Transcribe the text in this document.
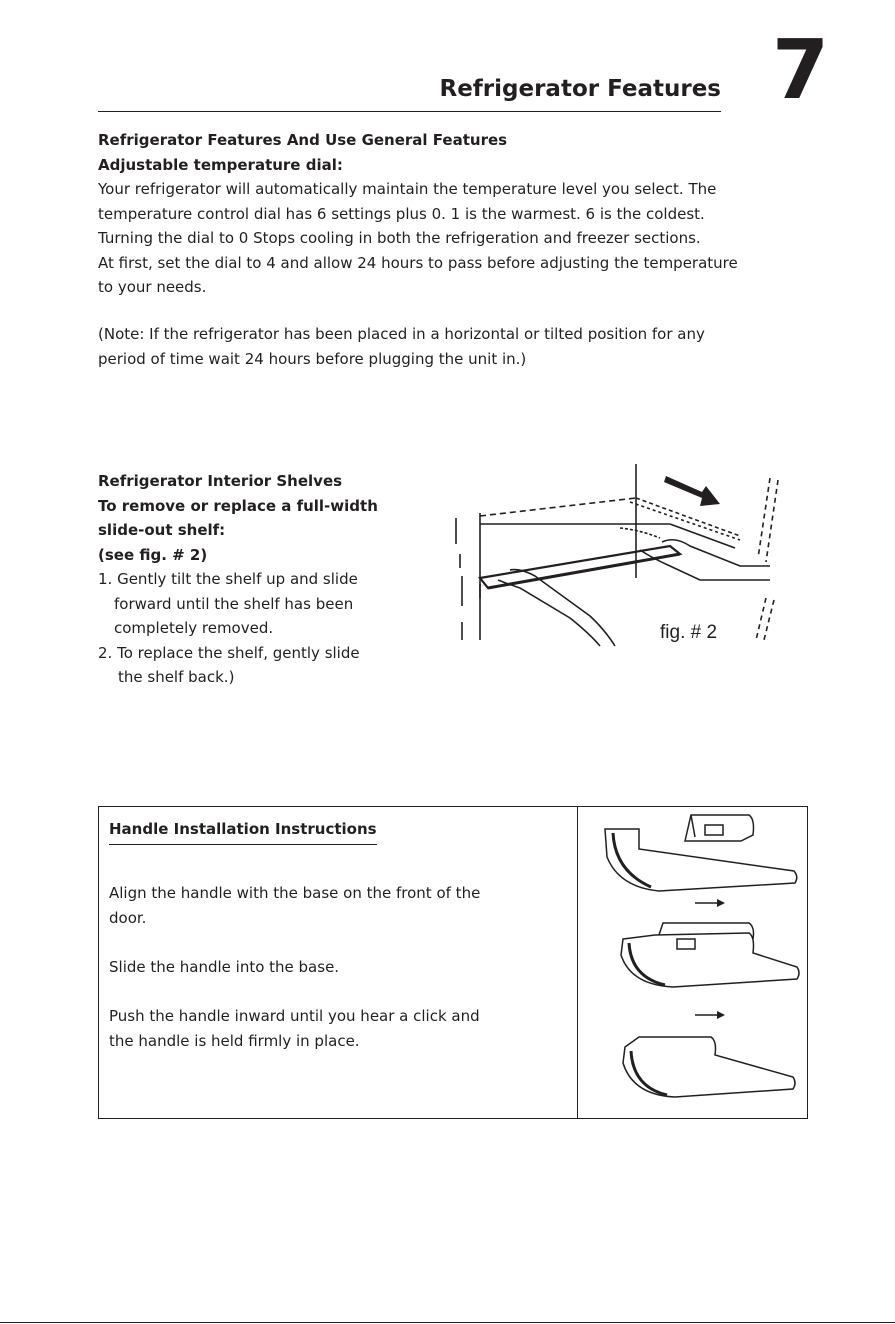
7
Refrigerator Features
Refrigerator Features And Use General Features
Adjustable temperature dial:
Your refrigerator will automatically maintain the temperature level you select. The
temperature control dial has 6 settings plus 0. 1 is the warmest. 6 is the coldest.
Turning the dial to 0 Stops cooling in both the refrigeration and freezer sections.
At first, set the dial to 4 and allow 24 hours to pass before adjusting the temperature
to your needs.
(Note: If the refrigerator has been placed in a horizontal or tilted position for any
period of time wait 24 hours before plugging the unit in.)
Refrigerator Interior Shelves
To remove or replace a full-width
slide-out shelf:
(see fig. # 2)
1. Gently tilt the shelf up and slide
forward until the shelf has been
completely removed.
2. To replace the shelf, gently slide
the shelf back.)
fig. # 2
Handle Installation Instructions
Align the handle with the base on the front of the
door.
Slide the handle into the base.
Push the handle inward until you hear a click and
the handle is held firmly in place.
